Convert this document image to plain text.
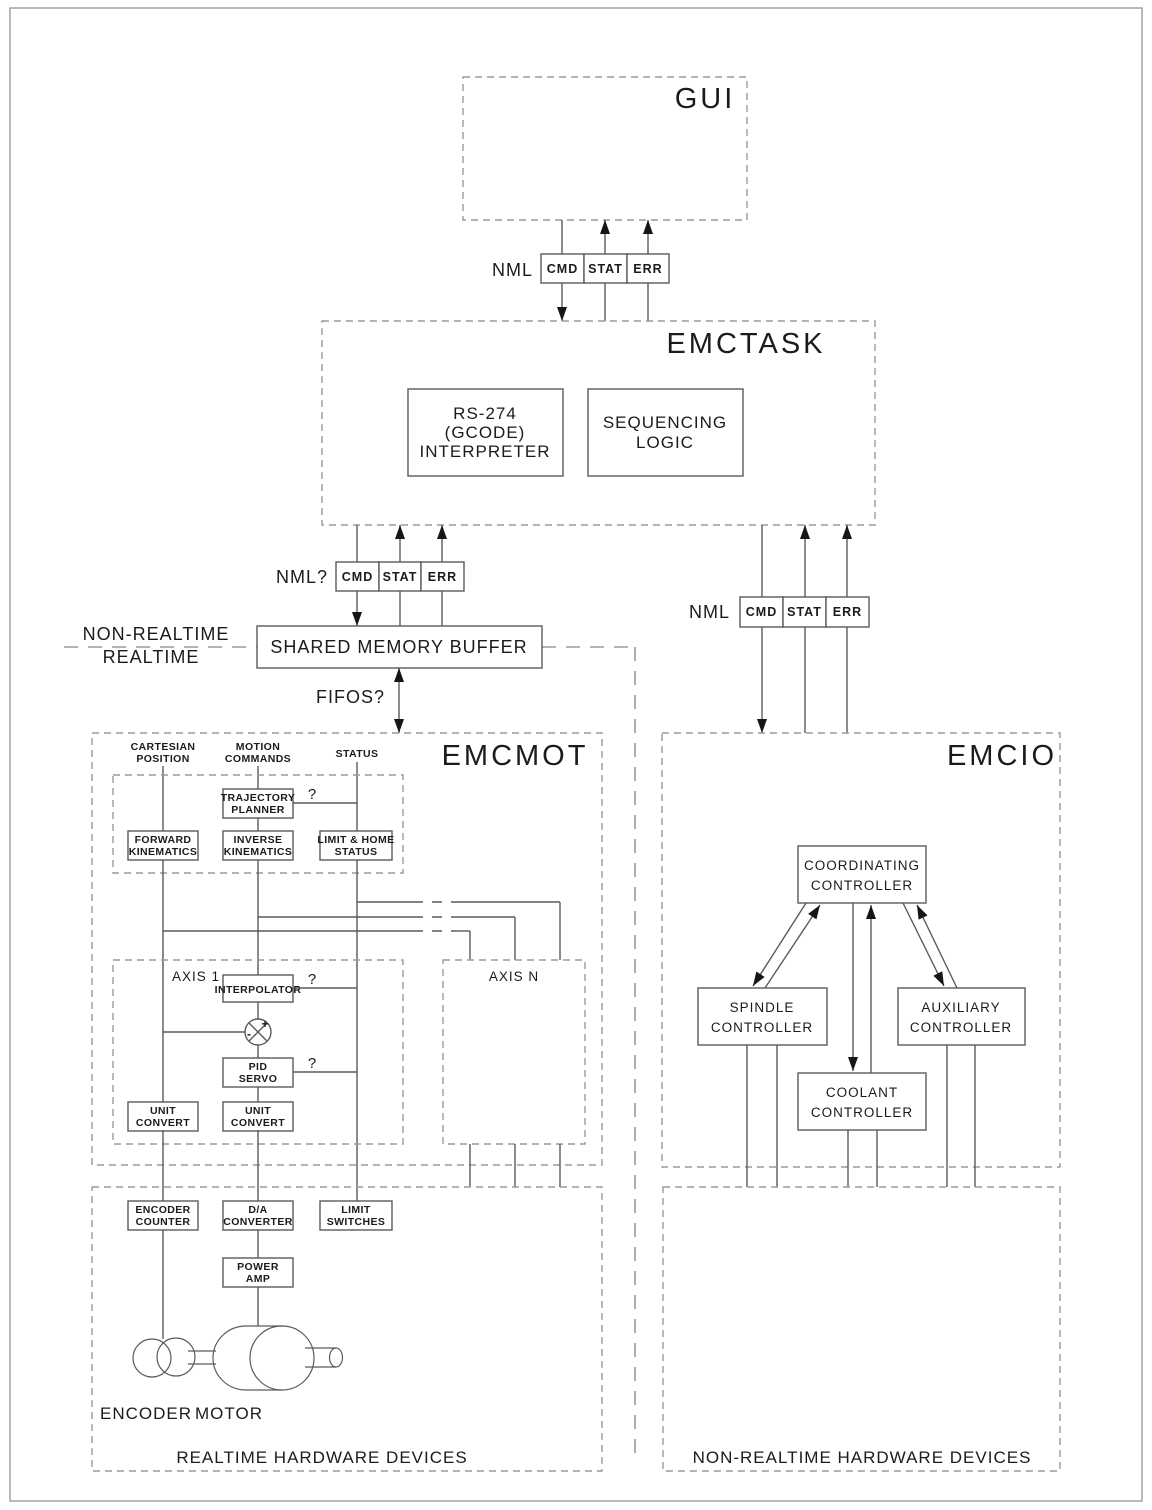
GUI
NML CMD STAT ERR
EMCTASK
RS-274
(GCODE)
INTERPRETER
SEQUENCING
LOGIC
NML? CMD STAT ERR
NON-REALTIME
REALTIME	SHARED MEMORY BUFFER
FIFOS?
EMCMOT
CARTESIAN
POSITION
MOTION
COMMANDS	STATUS
TRAJECTORY
PLANNER
?
FORWARD
KINEMATICS
INVERSE
KINEMATICS
LIMIT & HOME
STATUS
AXIS 1
INTERPOLATOR
?
+
-
PID
SERVO
?
UNIT
CONVERT
UNIT
CONVERT
AXIS N
ENCODER
COUNTER
D/A
CONVERTER
LIMIT
SWITCHES
POWER
AMP
ENCODER MOTOR
REALTIME HARDWARE DEVICES
NML CMD STAT ERR
EMCIO
COORDINATING
CONTROLLER
SPINDLE
CONTROLLER
AUXILIARY
CONTROLLER
COOLANT
CONTROLLER
NON-REALTIME HARDWARE DEVICES
